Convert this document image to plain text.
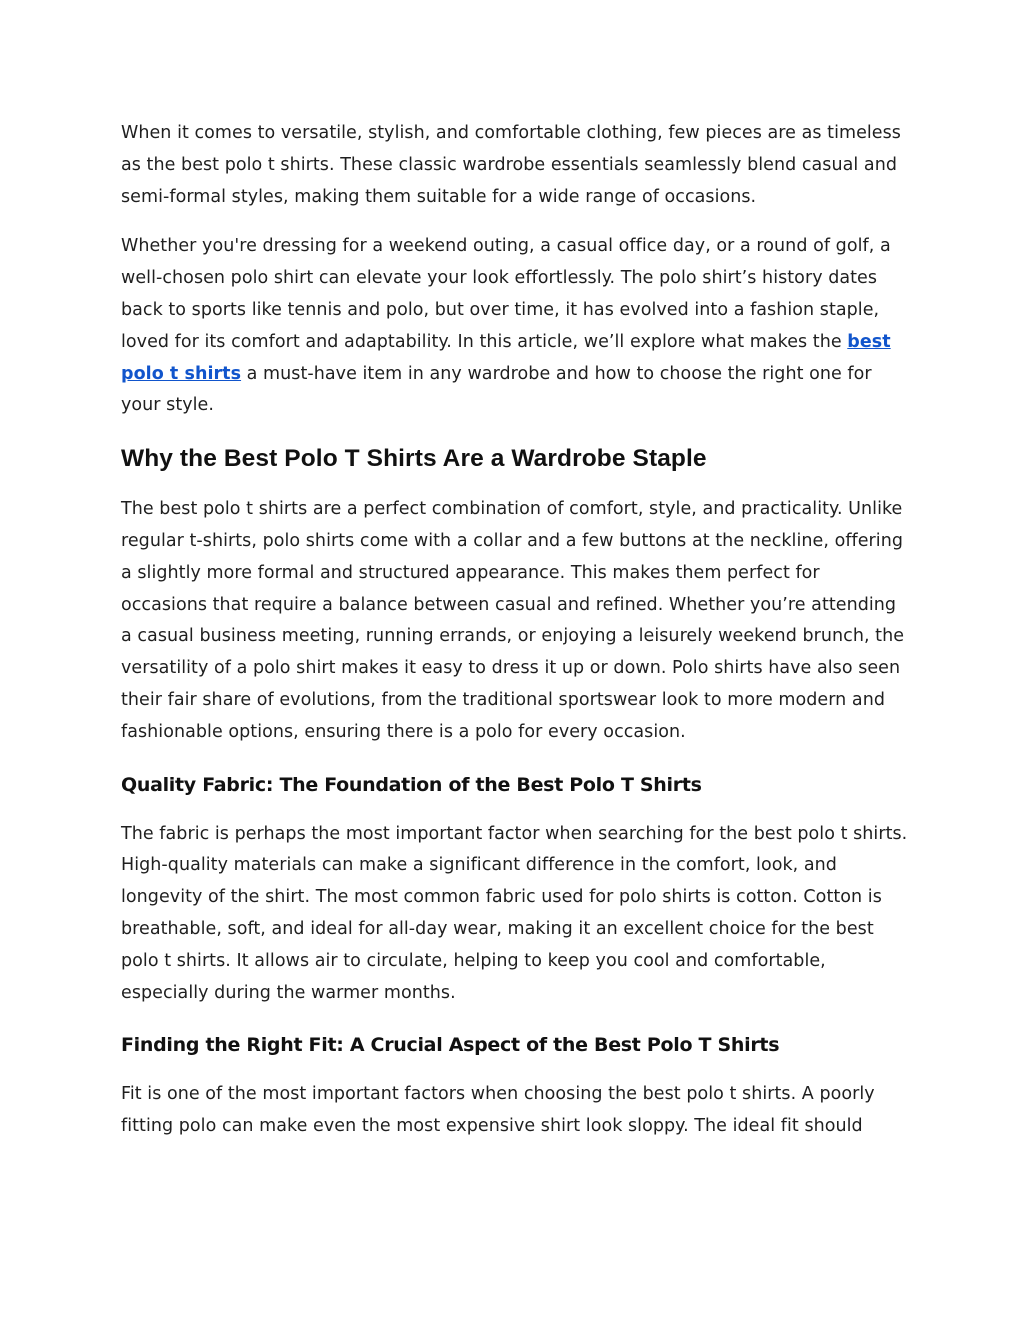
When it comes to versatile, stylish, and comfortable clothing, few pieces are as timeless as the best polo t shirts. These classic wardrobe essentials seamlessly blend casual and semi-formal styles, making them suitable for a wide range of occasions.

Whether you're dressing for a weekend outing, a casual office day, or a round of golf, a well-chosen polo shirt can elevate your look effortlessly. The polo shirt’s history dates back to sports like tennis and polo, but over time, it has evolved into a fashion staple, loved for its comfort and adaptability. In this article, we’ll explore what makes the best polo t shirts a must-have item in any wardrobe and how to choose the right one for your style.

Why the Best Polo T Shirts Are a Wardrobe Staple

The best polo t shirts are a perfect combination of comfort, style, and practicality. Unlike regular t-shirts, polo shirts come with a collar and a few buttons at the neckline, offering a slightly more formal and structured appearance. This makes them perfect for occasions that require a balance between casual and refined. Whether you’re attending a casual business meeting, running errands, or enjoying a leisurely weekend brunch, the versatility of a polo shirt makes it easy to dress it up or down. Polo shirts have also seen their fair share of evolutions, from the traditional sportswear look to more modern and fashionable options, ensuring there is a polo for every occasion.

Quality Fabric: The Foundation of the Best Polo T Shirts

The fabric is perhaps the most important factor when searching for the best polo t shirts. High-quality materials can make a significant difference in the comfort, look, and longevity of the shirt. The most common fabric used for polo shirts is cotton. Cotton is breathable, soft, and ideal for all-day wear, making it an excellent choice for the best polo t shirts. It allows air to circulate, helping to keep you cool and comfortable, especially during the warmer months.

Finding the Right Fit: A Crucial Aspect of the Best Polo T Shirts

Fit is one of the most important factors when choosing the best polo t shirts. A poorly fitting polo can make even the most expensive shirt look sloppy. The ideal fit should
